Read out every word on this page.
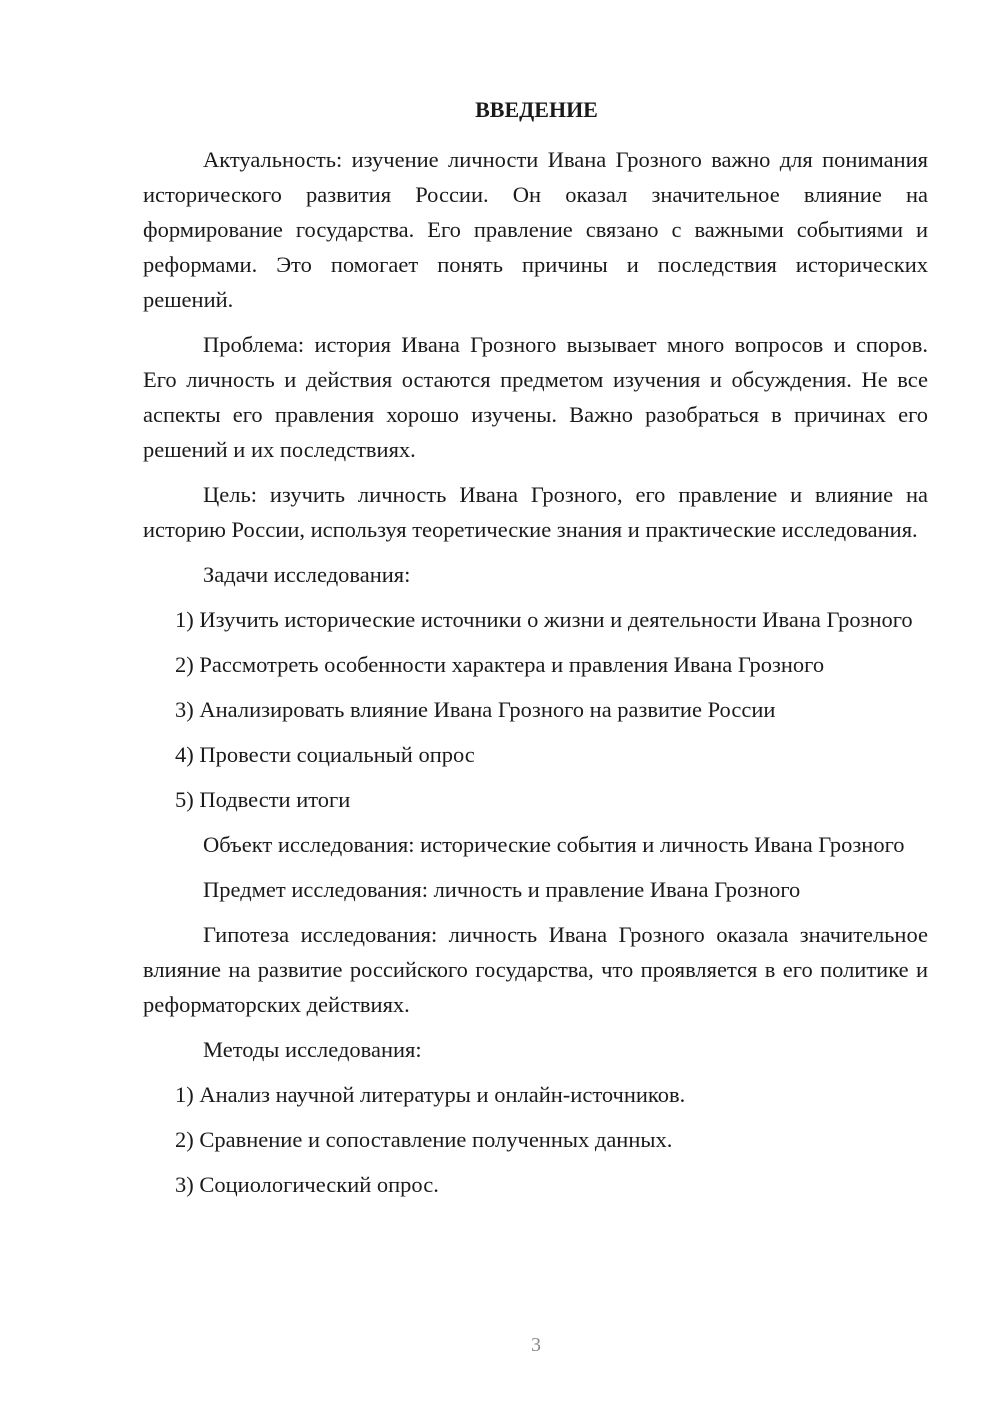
ВВЕДЕНИЕ

Актуальность: изучение личности Ивана Грозного важно для понимания исторического развития России. Он оказал значительное влияние на формирование государства. Его правление связано с важными событиями и реформами. Это помогает понять причины и последствия исторических решений.

Проблема: история Ивана Грозного вызывает много вопросов и споров. Его личность и действия остаются предметом изучения и обсуждения. Не все аспекты его правления хорошо изучены. Важно разобраться в причинах его решений и их последствиях.

Цель: изучить личность Ивана Грозного, его правление и влияние на историю России, используя теоретические знания и практические исследования.

Задачи исследования:

1) Изучить исторические источники о жизни и деятельности Ивана Грозного

2) Рассмотреть особенности характера и правления Ивана Грозного

3) Анализировать влияние Ивана Грозного на развитие России

4) Провести социальный опрос

5) Подвести итоги

Объект исследования: исторические события и личность Ивана Грозного

Предмет исследования: личность и правление Ивана Грозного

Гипотеза исследования: личность Ивана Грозного оказала значительное влияние на развитие российского государства, что проявляется в его политике и реформаторских действиях.

Методы исследования:

1) Анализ научной литературы и онлайн-источников.

2) Сравнение и сопоставление полученных данных.

3) Социологический опрос.

3
